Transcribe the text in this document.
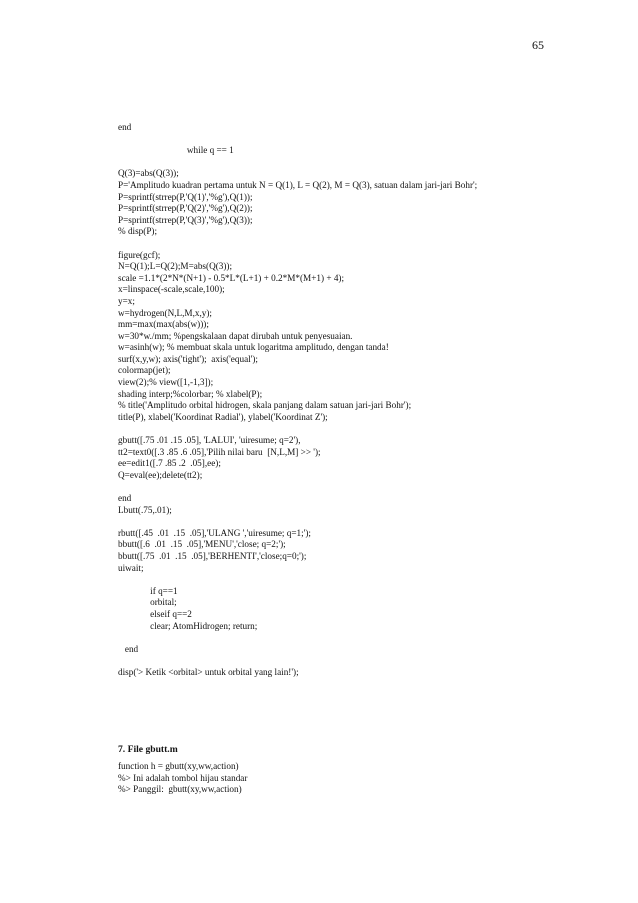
65
end
while q == 1
Q(3)=abs(Q(3));
P='Amplitudo kuadran pertama untuk N = Q(1), L = Q(2), M = Q(3), satuan dalam jari-jari Bohr';
P=sprintf(strrep(P,'Q(1)','%g'),Q(1));
P=sprintf(strrep(P,'Q(2)','%g'),Q(2));
P=sprintf(strrep(P,'Q(3)','%g'),Q(3));
% disp(P);
figure(gcf);
N=Q(1);L=Q(2);M=abs(Q(3));
scale =1.1*(2*N*(N+1) - 0.5*L*(L+1) + 0.2*M*(M+1) + 4);
x=linspace(-scale,scale,100);
y=x;
w=hydrogen(N,L,M,x,y);
mm=max(max(abs(w)));
w=30*w./mm; %pengskalaan dapat dirubah untuk penyesuaian.
w=asinh(w); % membuat skala untuk logaritma amplitudo, dengan tanda!
surf(x,y,w); axis('tight');  axis('equal');
colormap(jet);
view(2);% view([1,-1,3]);
shading interp;%colorbar; % xlabel(P);
% title('Amplitudo orbital hidrogen, skala panjang dalam satuan jari-jari Bohr');
title(P), xlabel('Koordinat Radial'), ylabel('Koordinat Z');
gbutt([.75 .01 .15 .05], 'LALUI', 'uiresume; q=2'),
tt2=text0([.3 .85 .6 .05],'Pilih nilai baru  [N,L,M] >> ');
ee=edit1([.7 .85 .2  .05],ee);
Q=eval(ee);delete(tt2);
end
Lbutt(.75,.01);
rbutt([.45  .01  .15  .05],'ULANG ','uiresume; q=1;');
bbutt([.6  .01  .15  .05],'MENU','close; q=2;');
bbutt([.75  .01  .15  .05],'BERHENTI','close;q=0;');
uiwait;
if q==1
orbital;
elseif q==2
clear; AtomHidrogen; return;
end
disp('> Ketik <orbital> untuk orbital yang lain!');
7. File gbutt.m
function h = gbutt(xy,ww,action)
%> Ini adalah tombol hijau standar
%> Panggil:  gbutt(xy,ww,action)
